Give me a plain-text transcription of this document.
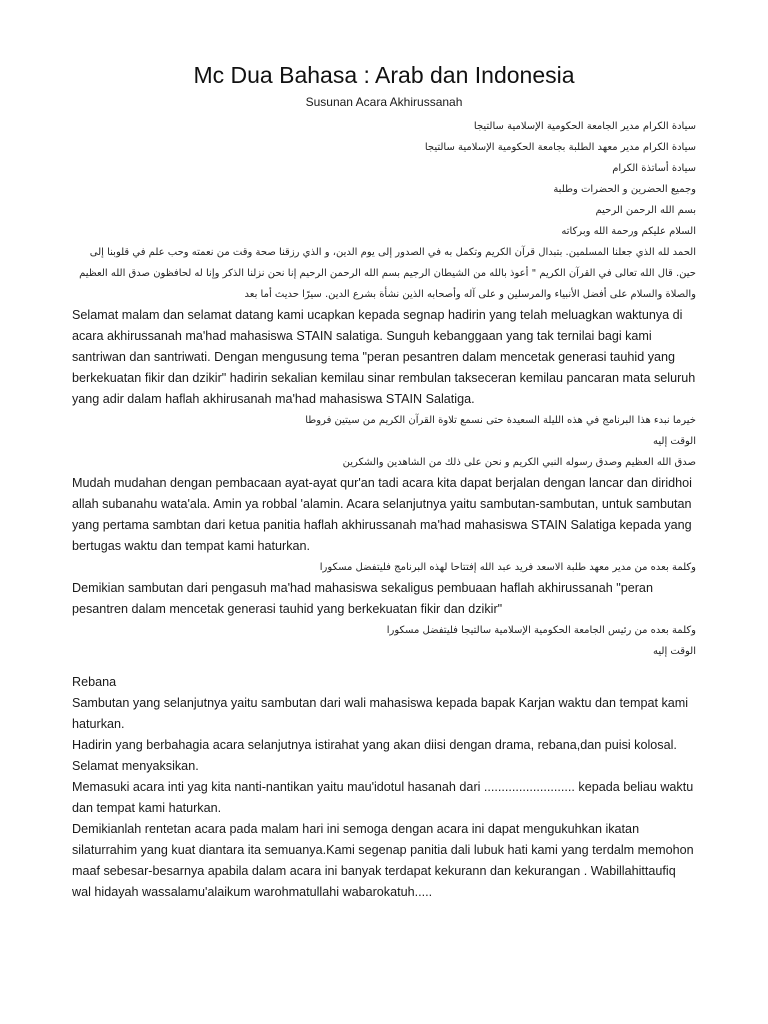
Mc Dua Bahasa : Arab dan Indonesia

Susunan Acara Akhirussanah

سيادة الكرام مدير الجامعة الحكومية الإسلامية سالتيجا
سيادة الكرام مدير معهد الطلبة بجامعة الحكومية الإسلامية سالتيجا
سيادة أساتذة الكرام
وجميع الحضرين و الحضرات وطلبة
بسم الله الرحمن الرحيم
السلام عليكم ورحمة الله وبركاته
الحمد لله الذي جعلنا المسلمين. بتبدال قرآن الكريم وتكمل به في الصدور إلى يوم الدين، و الذي رزقنا صحة وقت من نعمته وحب علم في قلوبنا إلى حين. قال الله تعالى في القرآن الكريم " أعوذ بالله من الشيطان الرجيم بسم الله الرحمن الرحيم إنا نحن نزلنا الذكر وإنا له لحافظون صدق الله العظيم
والصلاة والسلام على أفضل الأنبياء والمرسلين و على آله وأصحابه الذين نشأة بشرع الدين. سيرًا حديث أما بعد

Selamat malam dan selamat datang kami ucapkan kepada segnap hadirin yang telah meluagkan waktunya di acara akhirussanah ma'had mahasiswa STAIN salatiga. Sunguh kebanggaan yang tak ternilai bagi kami santriwan dan santriwati. Dengan mengusung tema "peran pesantren dalam mencetak generasi tauhid yang berkekuatan fikir dan dzikir" hadirin sekalian kemilau sinar rembulan takseceran kemilau pancaran mata seluruh yang adir dalam haflah akhirusanah ma'had mahasiswa STAIN Salatiga.

خيرما نبدء هذا البرنامج في هذه الليلة السعيدة حتى نسمع تلاوة القرآن الكريم من سيتين فروطا
الوقت إليه
صدق الله العظيم وصدق رسوله النبي الكريم و نحن على ذلك من الشاهدين والشكرين

Mudah mudahan dengan pembacaan ayat-ayat qur'an tadi acara kita dapat berjalan dengan lancar dan diridhoi allah subanahu wata'ala. Amin ya robbal 'alamin. Acara selanjutnya yaitu sambutan-sambutan, untuk sambutan yang pertama sambtan dari ketua panitia haflah akhirussanah ma'had mahasiswa STAIN Salatiga kepada yang bertugas waktu dan tempat kami haturkan.

وكلمة بعده من مدير معهد طلبة الاسعد فريد عبد الله إفتتاحا لهذه البرنامج فليتفضل مسكورا

Demikian sambutan dari pengasuh ma'had mahasiswa sekaligus pembuaan haflah akhirussanah "peran pesantren dalam mencetak generasi tauhid yang berkekuatan fikir dan dzikir"

وكلمة بعده من رئيس الجامعة الحكومية الإسلامية سالتيجا فليتفضل مسكورا
الوقت إليه

Rebana

Sambutan yang selanjutnya yaitu sambutan dari wali mahasiswa kepada bapak Karjan waktu dan tempat kami haturkan.

Hadirin yang berbahagia acara selanjutnya istirahat yang akan diisi dengan drama, rebana,dan puisi kolosal. Selamat menyaksikan.

Memasuki acara inti yag kita nanti-nantikan yaitu mau'idotul hasanah dari .......................... kepada beliau waktu dan tempat kami haturkan.

Demikianlah rentetan acara pada malam hari ini semoga dengan acara ini dapat mengukuhkan ikatan silaturrahim yang kuat diantara ita semuanya.Kami segenap panitia dali lubuk hati kami yang terdalm memohon maaf sebesar-besarnya apabila dalam acara ini banyak terdapat kekurann dan kekurangan . Wabillahittaufiq wal hidayah wassalamu'alaikum warohmatullahi wabarokatuh.....
